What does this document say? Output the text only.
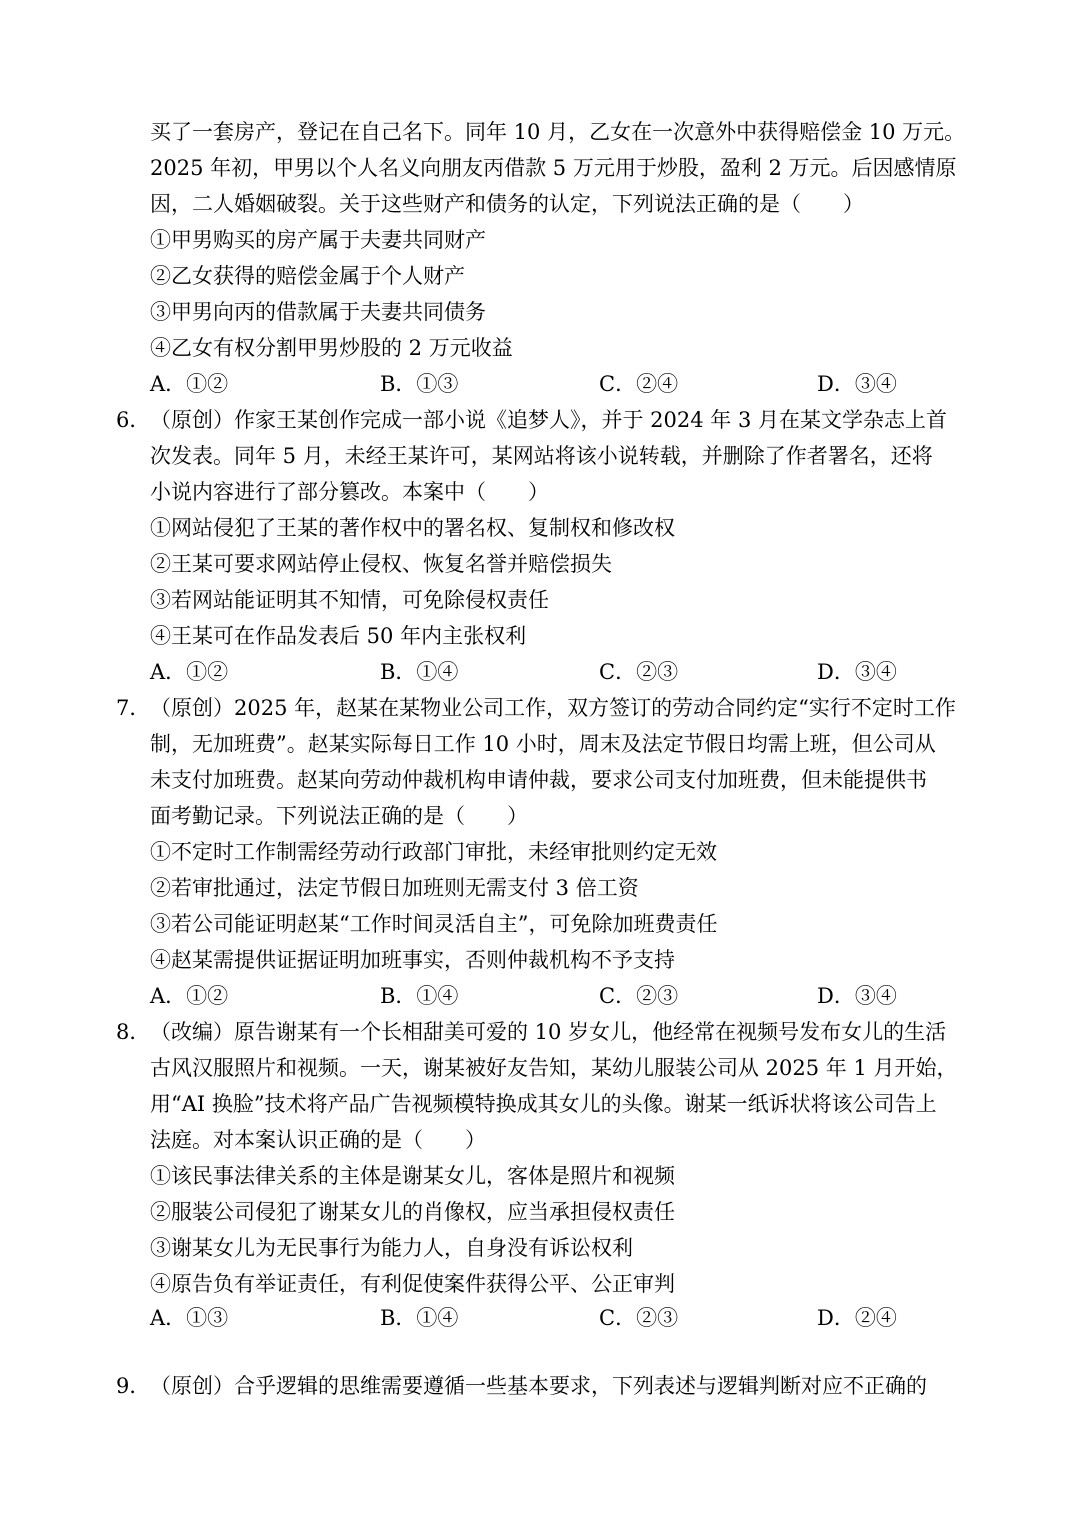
买了一套房产，登记在自己名下。同年 10 月，乙女在一次意外中获得赔偿金 10 万元。
2025 年初，甲男以个人名义向朋友丙借款 5 万元用于炒股，盈利 2 万元。后因感情原
因，二人婚姻破裂。关于这些财产和债务的认定，下列说法正确的是（　　）
①甲男购买的房产属于夫妻共同财产
②乙女获得的赔偿金属于个人财产
③甲男向丙的借款属于夫妻共同债务
④乙女有权分割甲男炒股的 2 万元收益
A．①②	B．①③	C．②④	D．③④
6． （原创）作家王某创作完成一部小说《追梦人》，并于 2024 年 3 月在某文学杂志上首
次发表。同年 5 月，未经王某许可，某网站将该小说转载，并删除了作者署名，还将
小说内容进行了部分篡改。本案中（　　）
①网站侵犯了王某的著作权中的署名权、复制权和修改权
②王某可要求网站停止侵权、恢复名誉并赔偿损失
③若网站能证明其不知情，可免除侵权责任
④王某可在作品发表后 50 年内主张权利
A．①②	B．①④	C．②③	D．③④
7． （原创）2025 年，赵某在某物业公司工作，双方签订的劳动合同约定“实行不定时工作
制，无加班费”。赵某实际每日工作 10 小时，周末及法定节假日均需上班，但公司从
未支付加班费。赵某向劳动仲裁机构申请仲裁，要求公司支付加班费，但未能提供书
面考勤记录。下列说法正确的是（　　）
①不定时工作制需经劳动行政部门审批，未经审批则约定无效
②若审批通过，法定节假日加班则无需支付 3 倍工资
③若公司能证明赵某“工作时间灵活自主”，可免除加班费责任
④赵某需提供证据证明加班事实，否则仲裁机构不予支持
A．①②	B．①④	C．②③	D．③④
8． （改编）原告谢某有一个长相甜美可爱的 10 岁女儿，他经常在视频号发布女儿的生活
古风汉服照片和视频。一天，谢某被好友告知，某幼儿服装公司从 2025 年 1 月开始，
用“AI 换脸”技术将产品广告视频模特换成其女儿的头像。谢某一纸诉状将该公司告上
法庭。对本案认识正确的是（　　）
①该民事法律关系的主体是谢某女儿，客体是照片和视频
②服装公司侵犯了谢某女儿的肖像权，应当承担侵权责任
③谢某女儿为无民事行为能力人，自身没有诉讼权利
④原告负有举证责任，有利促使案件获得公平、公正审判
A．①③	B．①④	C．②③	D．②④
9． （原创）合乎逻辑的思维需要遵循一些基本要求，下列表述与逻辑判断对应不正确的
